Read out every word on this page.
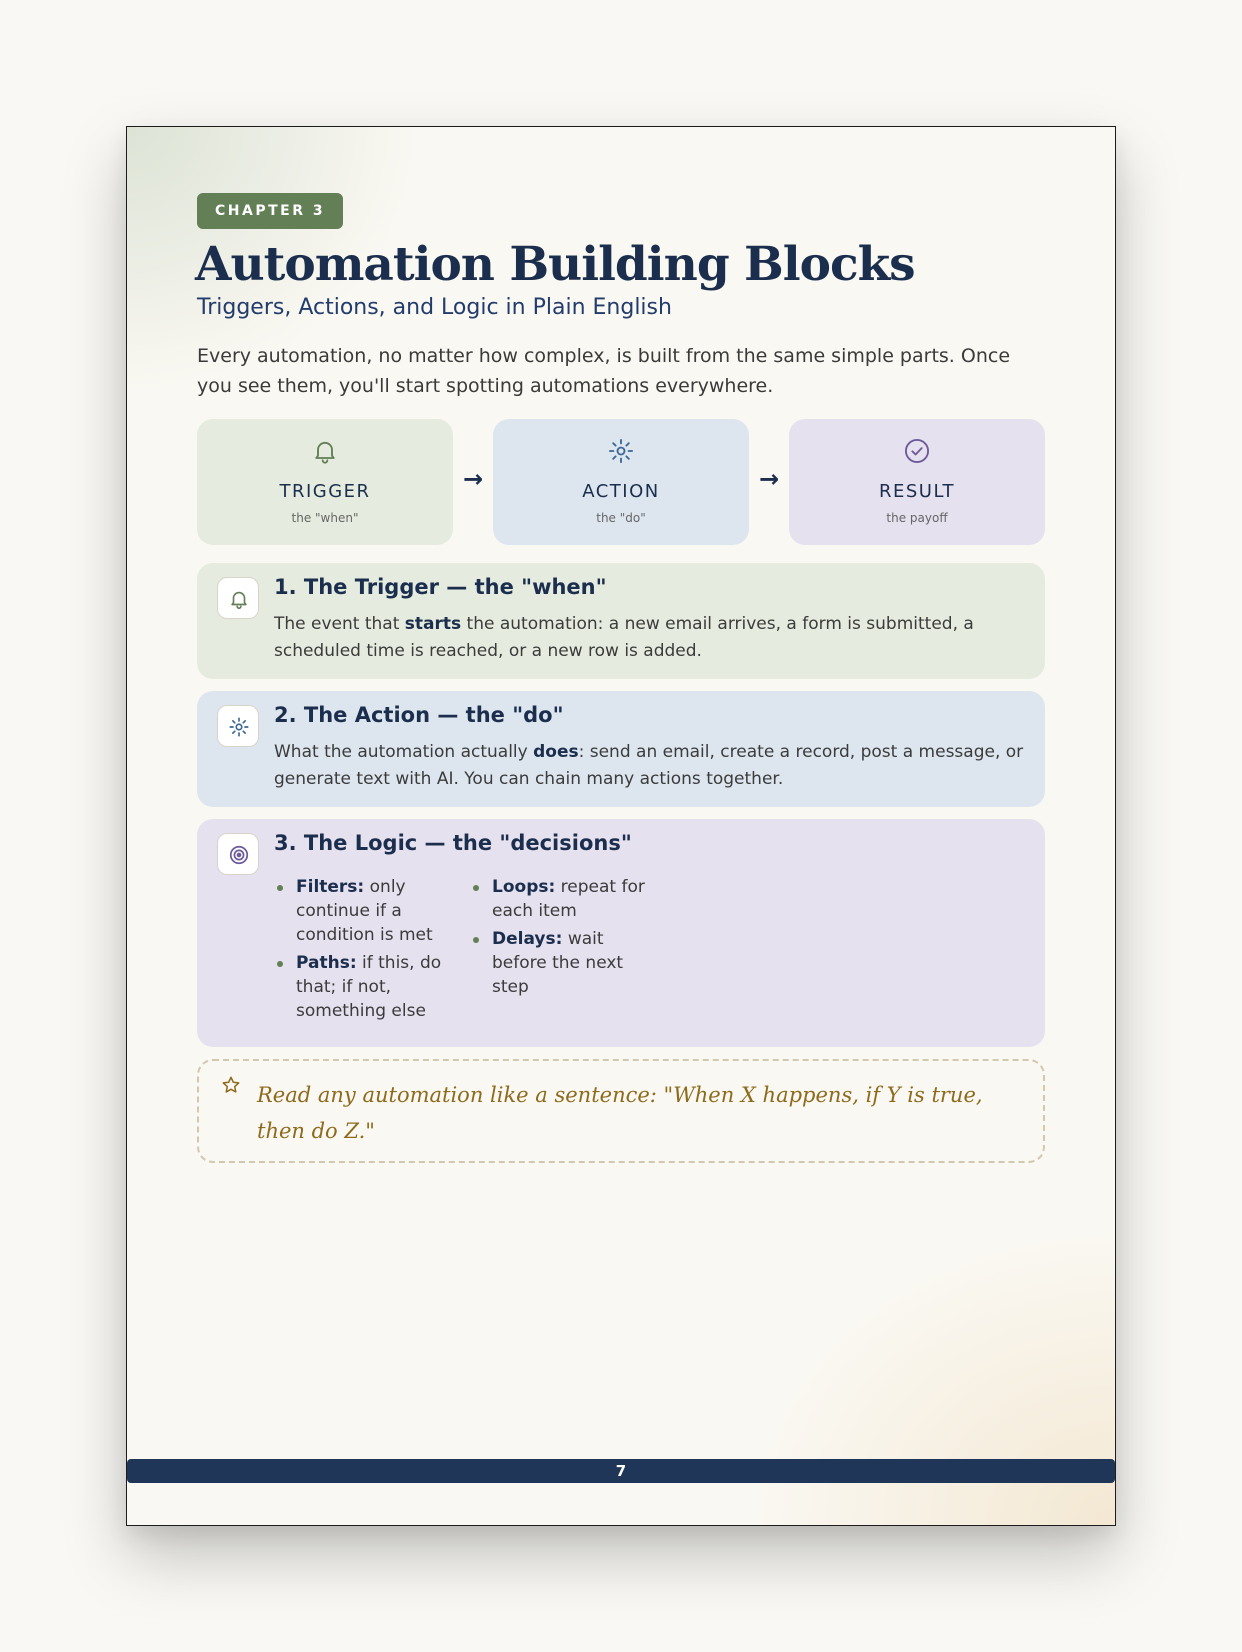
CHAPTER 3
Automation Building Blocks
Triggers, Actions, and Logic in Plain English
Every automation, no matter how complex, is built from the same simple parts. Once you see them, you'll start spotting automations everywhere.
TRIGGER
the "when"
→	ACTION
the "do"
→	RESULT
the payoff
1. The Trigger — the "when"

The event that starts the automation: a new email arrives, a form is submitted, a scheduled time is reached, or a new row is added.

2. The Action — the "do"

What the automation actually does: send an email, create a record, post a message, or generate text with AI. You can chain many actions together.

3. The Logic — the "decisions"
Filters: only continue if a condition is met
Paths: if this, do that; if not, something else
Loops: repeat for each item
Delays: wait before the next step
Read any automation like a sentence: "When X happens, if Y is true, then do Z."
7
